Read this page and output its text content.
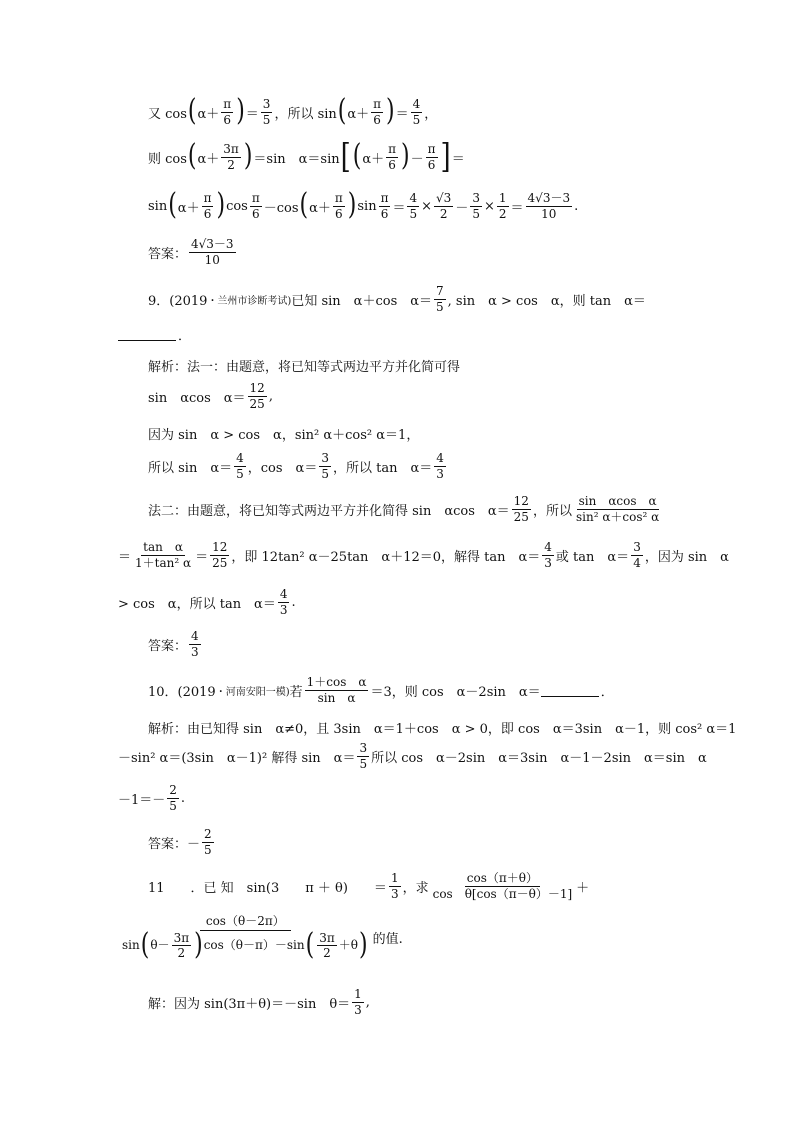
又 cos ( $\alpha+ \frac{\pi}{6}$ ) ＝ $\frac{3}{5}$ ，所以 sin ( $\alpha+ \frac{\pi}{6}$ ) ＝ $\frac{4}{5}$ ，
则 cos ( $\alpha+ \frac{3\pi}{2}$ ) ＝sin　α＝sin [ ( $\alpha+ \frac{\pi}{6}$ ) － $\frac{\pi}{6}$ ] ＝
sin ( $\alpha+ \frac{\pi}{6}$ ) $\cos \frac{\pi}{6} -\cos$ ( $\alpha+ \frac{\pi}{6}$ ) $\sin \frac{\pi}{6} = \frac{4}{5} \times \frac{√3}{2} - \frac{3}{5} \times \frac{1}{2} = \frac{4√3-3}{10}$ .
答案： $\frac{4√3-3}{10}$
9．(2019 ・兰州市诊断考试) 已知 sin　α＋cos　$\alpha= \frac{7}{5}$ , sin　α > cos　α，则 tan　α＝
．
解析：法一：由题意，将已知等式两边平方并化简可得
sin　αcos　$\alpha= \frac{12}{25}$ ,
因为 sin　α > cos　α，sin² α＋cos² α＝1，
所以 sin　$\alpha= \frac{4}{5}$ ，cos　$\alpha= \frac{3}{5}$ ，所以 tan　$\alpha= \frac{4}{3}$
法二：由题意，将已知等式两边平方并化简得 sin　αcos　$\alpha= \frac{12}{25}$ ，所以 $\frac{\text{sin　αcos　α}}{\text{sin² α＋cos² α}}$
＝ $\frac{\text{tan　α}}{\text{1＋tan² α}} = \frac{12}{25}$ ，即 12tan² α－25tan　α＋12＝0，解得 tan　$\alpha= \frac{4}{3}$ 或 tan　$\alpha= \frac{3}{4}$ ，因为 sin　α
> cos　α，所以 tan　$\alpha= \frac{4}{3}$ .
答案： $\frac{4}{3}$
10．(2019 ・河南安阳一模) 若 $\frac{\text{1＋cos　α}}{\text{sin　α}} =3$，则 cos　α－2sin　α＝	．
解析：由已知得 sin　α≠0，且 3sin　α＝1＋cos　α > 0，即 cos　α＝3sin　α－1，则 cos² α＝1
－sin² α＝(3sin　α－1)² 解得 sin　$\alpha= \frac{3}{5}$ 所以 cos　α－2sin　α＝3sin　α－1－2sin　α＝sin　α
$-1=- \frac{2}{5}$ .
答案：－ $\frac{2}{5}$
11　　．已 知　sin(3　　π ＋ θ)　　＝ $\frac{1}{3}$ ，求 $\frac{\cos(\pi+\theta)}{\text{cos　θ[cos（π－θ）－1]}}$ ＋
$\frac{\cos(\theta-2\pi)}{\sin ( \theta- \frac{3\pi}{2} ) \cos(\theta-\pi)-\sin ( \frac{3\pi}{2} +\theta )}$ 的值.
解：因为 sin(3π＋θ)＝－sin　$\theta= \frac{1}{3}$ ,
